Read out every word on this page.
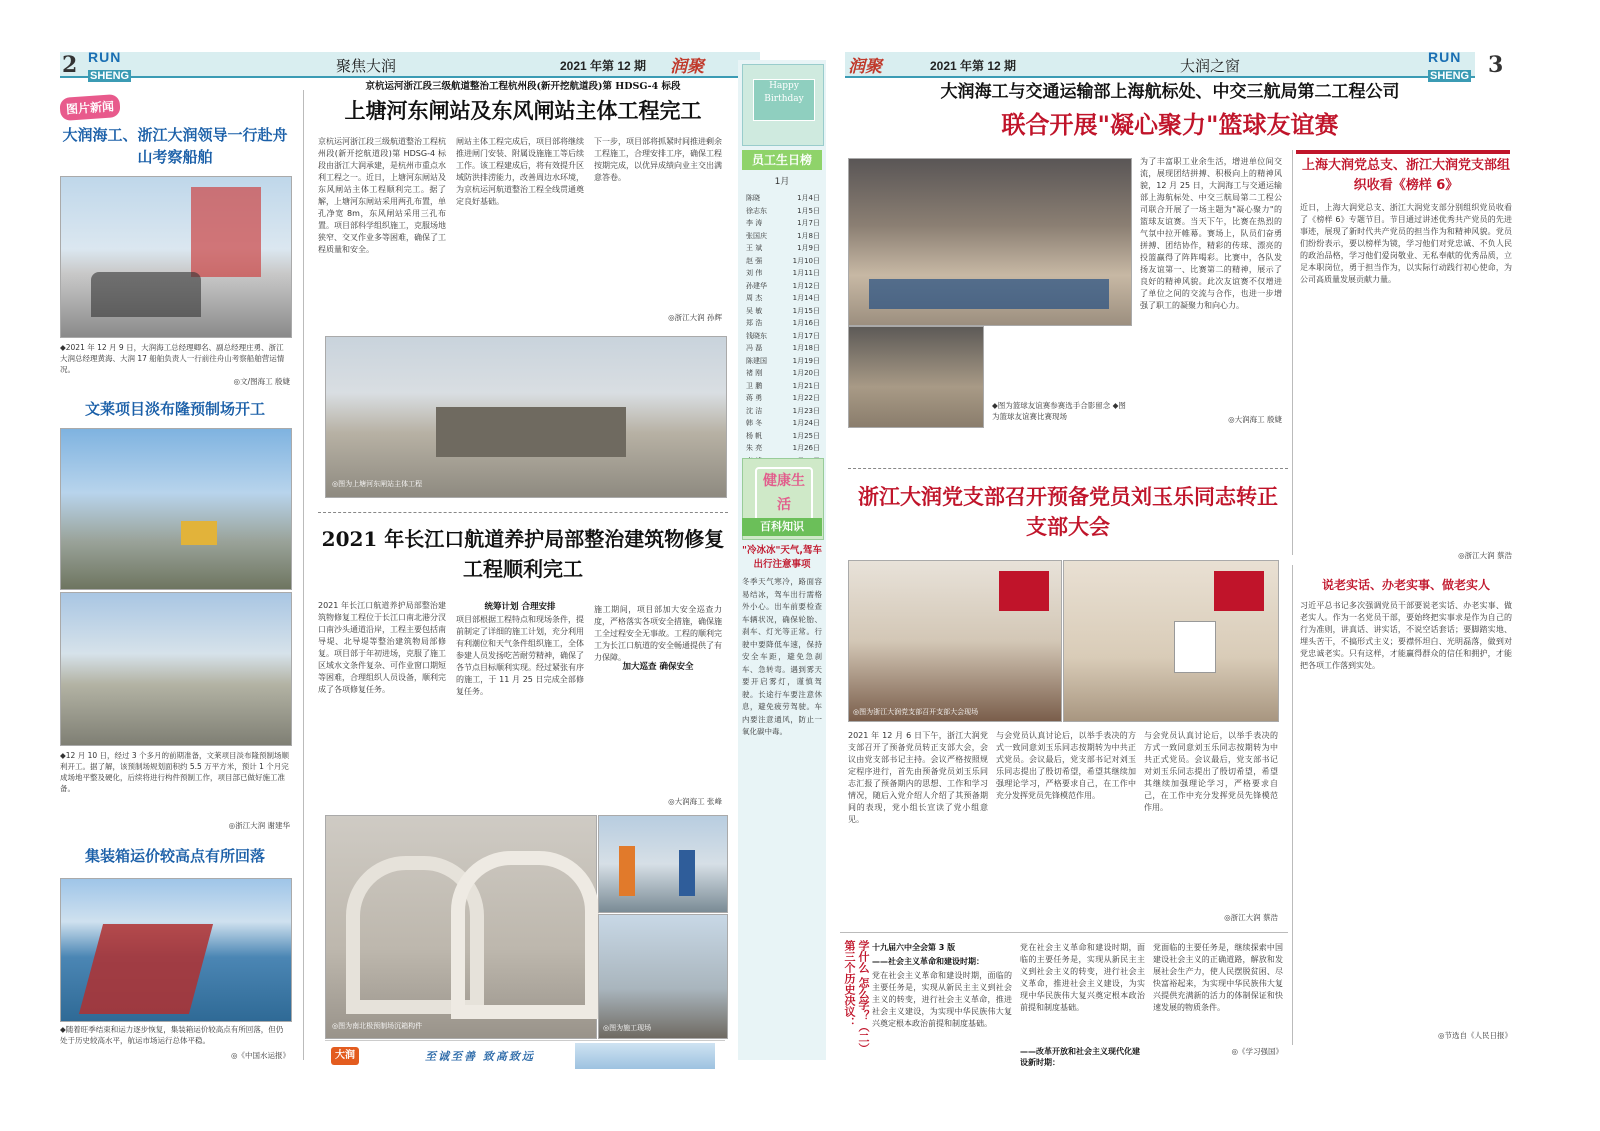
2 RUN
SHENG
聚焦大润	2021 年第 12 期 润聚
图片新闻
大润海工、浙江大润领导一行赴舟山考察船舶
◆2021 年 12 月 9 日，大润海工总经理卿名、副总经理庄勇、浙江大润总经理黄海、大润 17 船舶负责人一行前往舟山考察船舶营运情况。
◎文/图海工 殷婕
文莱项目淡布隆预制场开工
◆12 月 10 日，经过 3 个多月的前期准备，文莱项目淡布隆预制场顺利开工。据了解，该预制场规划面积约 5.5 万平方米，预计 1 个月完成场地平整及硬化，后续将进行构件预制工作，项目部已做好施工准备。
◎浙江大润 谢建华
集装箱运价较高点有所回落
◆随着旺季结束和运力逐步恢复，集装箱运价较高点有所回落，但仍处于历史较高水平，航运市场运行总体平稳。
◎《中国水运报》
京杭运河浙江段三级航道整治工程杭州段(新开挖航道段)第 HDSG-4 标段
上塘河东闸站及东风闸站主体工程完工
京杭运河浙江段三级航道整治工程杭州段(新开挖航道段)第 HDSG-4 标段由浙江大润承建，是杭州市重点水利工程之一。近日，上塘河东闸站及东风闸站主体工程顺利完工。据了解，上塘河东闸站采用两孔布置，单孔净宽 8m，东风闸站采用三孔布置。项目部科学组织施工，克服场地狭窄、交叉作业多等困难，确保了工程质量和安全。
闸站主体工程完成后，项目部将继续推进闸门安装、附属设施施工等后续工作。该工程建成后，将有效提升区域防洪排涝能力，改善周边水环境，为京杭运河航道整治工程全线贯通奠定良好基础。
下一步，项目部将抓紧时间推进剩余工程施工，合理安排工序，确保工程按期完成，以优异成绩向业主交出满意答卷。
◎浙江大润 孙辉
◎图为上塘河东闸站主体工程
2021 年长江口航道养护局部整治建筑物修复工程顺利完工
2021 年长江口航道养护局部整治建筑物修复工程位于长江口南北港分汊口南沙头通道沿岸，工程主要包括南导堤、北导堤等整治建筑物局部修复。项目部于年初进场，克服了施工区域水文条件复杂、可作业窗口期短等困难，合理组织人员设备，顺利完成了各项修复任务。
统筹计划 合理安排
项目部根据工程特点和现场条件，提前制定了详细的施工计划，充分利用有利潮位和天气条件组织施工，全体参建人员发扬吃苦耐劳精神，确保了各节点目标顺利实现。经过紧张有序的施工，于 11 月 25 日完成全部修复任务。
加大巡查 确保安全
施工期间，项目部加大安全巡查力度，严格落实各项安全措施，确保施工全过程安全无事故。工程的顺利完工为长江口航道的安全畅通提供了有力保障。
◎大润海工 张峰
◎图为南北极预制场沉箱构件	◎图为施工现场
大润	至诚至善 致高致远
Happy
Birthday
员工生日榜
1月
陈晓	1月4日
徐志东	1月5日
李 涛	1月7日
张国庆	1月8日
王 斌	1月9日
赵 强	1月10日
刘 伟	1月11日
孙建华	1月12日
周 杰	1月14日
吴 敏	1月15日
郑 浩	1月16日
钱晓东	1月17日
冯 磊	1月18日
陈建国	1月19日
褚 刚	1月20日
卫 鹏	1月21日
蒋 勇	1月22日
沈 洁	1月23日
韩 冬	1月24日
杨 帆	1月25日
朱 亮	1月26日

健康生活
百科知识
"冷冰冰"天气,驾车出行注意事项
冬季天气寒冷，路面容易结冰，驾车出行需格外小心。出车前要检查车辆状况，确保轮胎、刹车、灯光等正常。行驶中要降低车速，保持安全车距，避免急刹车、急转弯。遇到雾天要开启雾灯，谨慎驾驶。长途行车要注意休息，避免疲劳驾驶。车内要注意通风，防止一氧化碳中毒。
润聚	2021 年第 12 期	大润之窗	RUN
SHENG 3
大润海工与交通运输部上海航标处、中交三航局第二工程公司
联合开展"凝心聚力"篮球友谊赛
◆图为篮球友谊赛参赛选手合影留念 ◆图为篮球友谊赛比赛现场
为了丰富职工业余生活，增进单位间交流，展现团结拼搏、积极向上的精神风貌，12 月 25 日，大润海工与交通运输部上海航标处、中交三航局第二工程公司联合开展了一场主题为"凝心聚力"的篮球友谊赛。当天下午，比赛在热烈的气氛中拉开帷幕。赛场上，队员们奋勇拼搏、团结协作，精彩的传球、漂亮的投篮赢得了阵阵喝彩。比赛中，各队发扬友谊第一、比赛第二的精神，展示了良好的精神风貌。此次友谊赛不仅增进了单位之间的交流与合作，也进一步增强了职工的凝聚力和向心力。
◎大润海工 殷婕
上海大润党总支、浙江大润党支部组织收看《榜样 6》
近日，上海大润党总支、浙江大润党支部分别组织党员收看了《榜样 6》专题节目。节目通过讲述优秀共产党员的先进事迹，展现了新时代共产党员的担当作为和精神风貌。党员们纷纷表示，要以榜样为镜，学习他们对党忠诚、不负人民的政治品格，学习他们爱岗敬业、无私奉献的优秀品质，立足本职岗位，勇于担当作为，以实际行动践行初心使命，为公司高质量发展贡献力量。
◎浙江大润 蔡浩
浙江大润党支部召开预备党员刘玉乐同志转正支部大会
◎图为浙江大润党支部召开支部大会现场
2021 年 12 月 6 日下午，浙江大润党支部召开了预备党员转正支部大会，会议由党支部书记主持。会议严格按照规定程序进行，首先由预备党员刘玉乐同志汇报了预备期内的思想、工作和学习情况，随后入党介绍人介绍了其预备期间的表现，党小组长宣读了党小组意见。
与会党员认真讨论后，以举手表决的方式一致同意刘玉乐同志按期转为中共正式党员。会议最后，党支部书记对刘玉乐同志提出了殷切希望，希望其继续加强理论学习，严格要求自己，在工作中充分发挥党员先锋模范作用。
与会党员认真讨论后，以举手表决的方式一致同意刘玉乐同志按期转为中共正式党员。会议最后，党支部书记对刘玉乐同志提出了殷切希望，希望其继续加强理论学习，严格要求自己，在工作中充分发挥党员先锋模范作用。
◎浙江大润 蔡浩
说老实话、办老实事、做老实人
习近平总书记多次强调党员干部要说老实话、办老实事、做老实人。作为一名党员干部，要始终把实事求是作为自己的行为准则，讲真话、讲实话，不说空话套话；要脚踏实地、埋头苦干，不搞形式主义；要襟怀坦白、光明磊落，做到对党忠诚老实。只有这样，才能赢得群众的信任和拥护，才能把各项工作落到实处。
◎节选自《人民日报》
学什么 怎么学？（二）第三个历史决议：	十九届六中全会第 3 版
——社会主义革命和建设时期：
党在社会主义革命和建设时期，面临的主要任务是，实现从新民主主义到社会主义的转变，进行社会主义革命，推进社会主义建设，为实现中华民族伟大复兴奠定根本政治前提和制度基础。
党在社会主义革命和建设时期，面临的主要任务是，实现从新民主主义到社会主义的转变，进行社会主义革命，推进社会主义建设，为实现中华民族伟大复兴奠定根本政治前提和制度基础。
——改革开放和社会主义现代化建设新时期：
党面临的主要任务是，继续探索中国建设社会主义的正确道路，解放和发展社会生产力，使人民摆脱贫困、尽快富裕起来，为实现中华民族伟大复兴提供充满新的活力的体制保证和快速发展的物质条件。
◎《学习强国》
